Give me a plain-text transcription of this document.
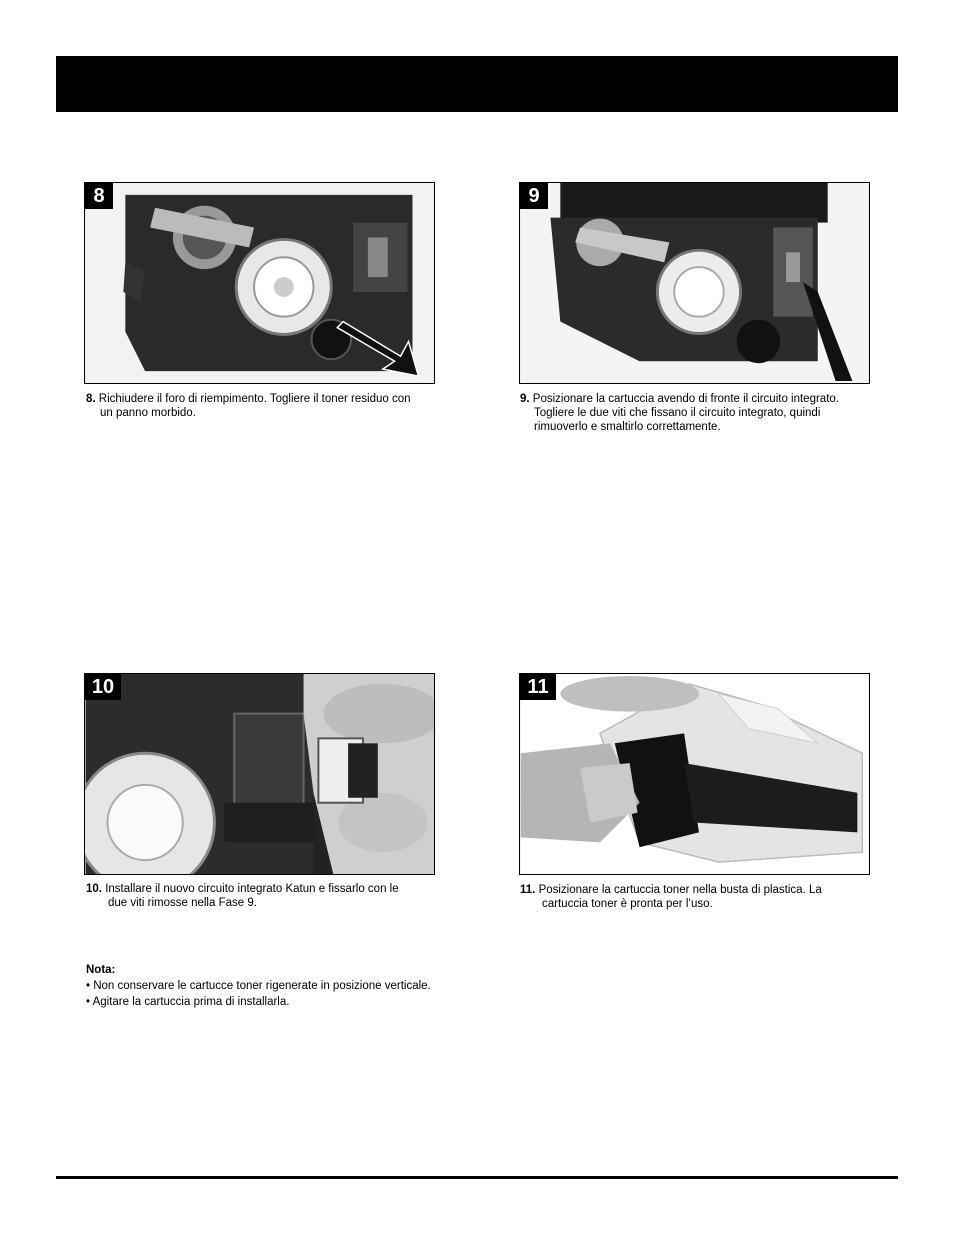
8
8. Richiudere il foro di riempimento. Togliere il toner residuo con
un panno morbido.
9
9. Posizionare la cartuccia avendo di fronte il circuito integrato.
Togliere le due viti che fissano il circuito integrato, quindi
rimuoverlo e smaltirlo correttamente.
10
10. Installare il nuovo circuito integrato Katun e fissarlo con le
due viti rimosse nella Fase 9.
11
11. Posizionare la cartuccia toner nella busta di plastica. La
cartuccia toner è pronta per l’uso.
Nota:
• Non conservare le cartucce toner rigenerate in posizione verticale.
• Agitare la cartuccia prima di installarla.
